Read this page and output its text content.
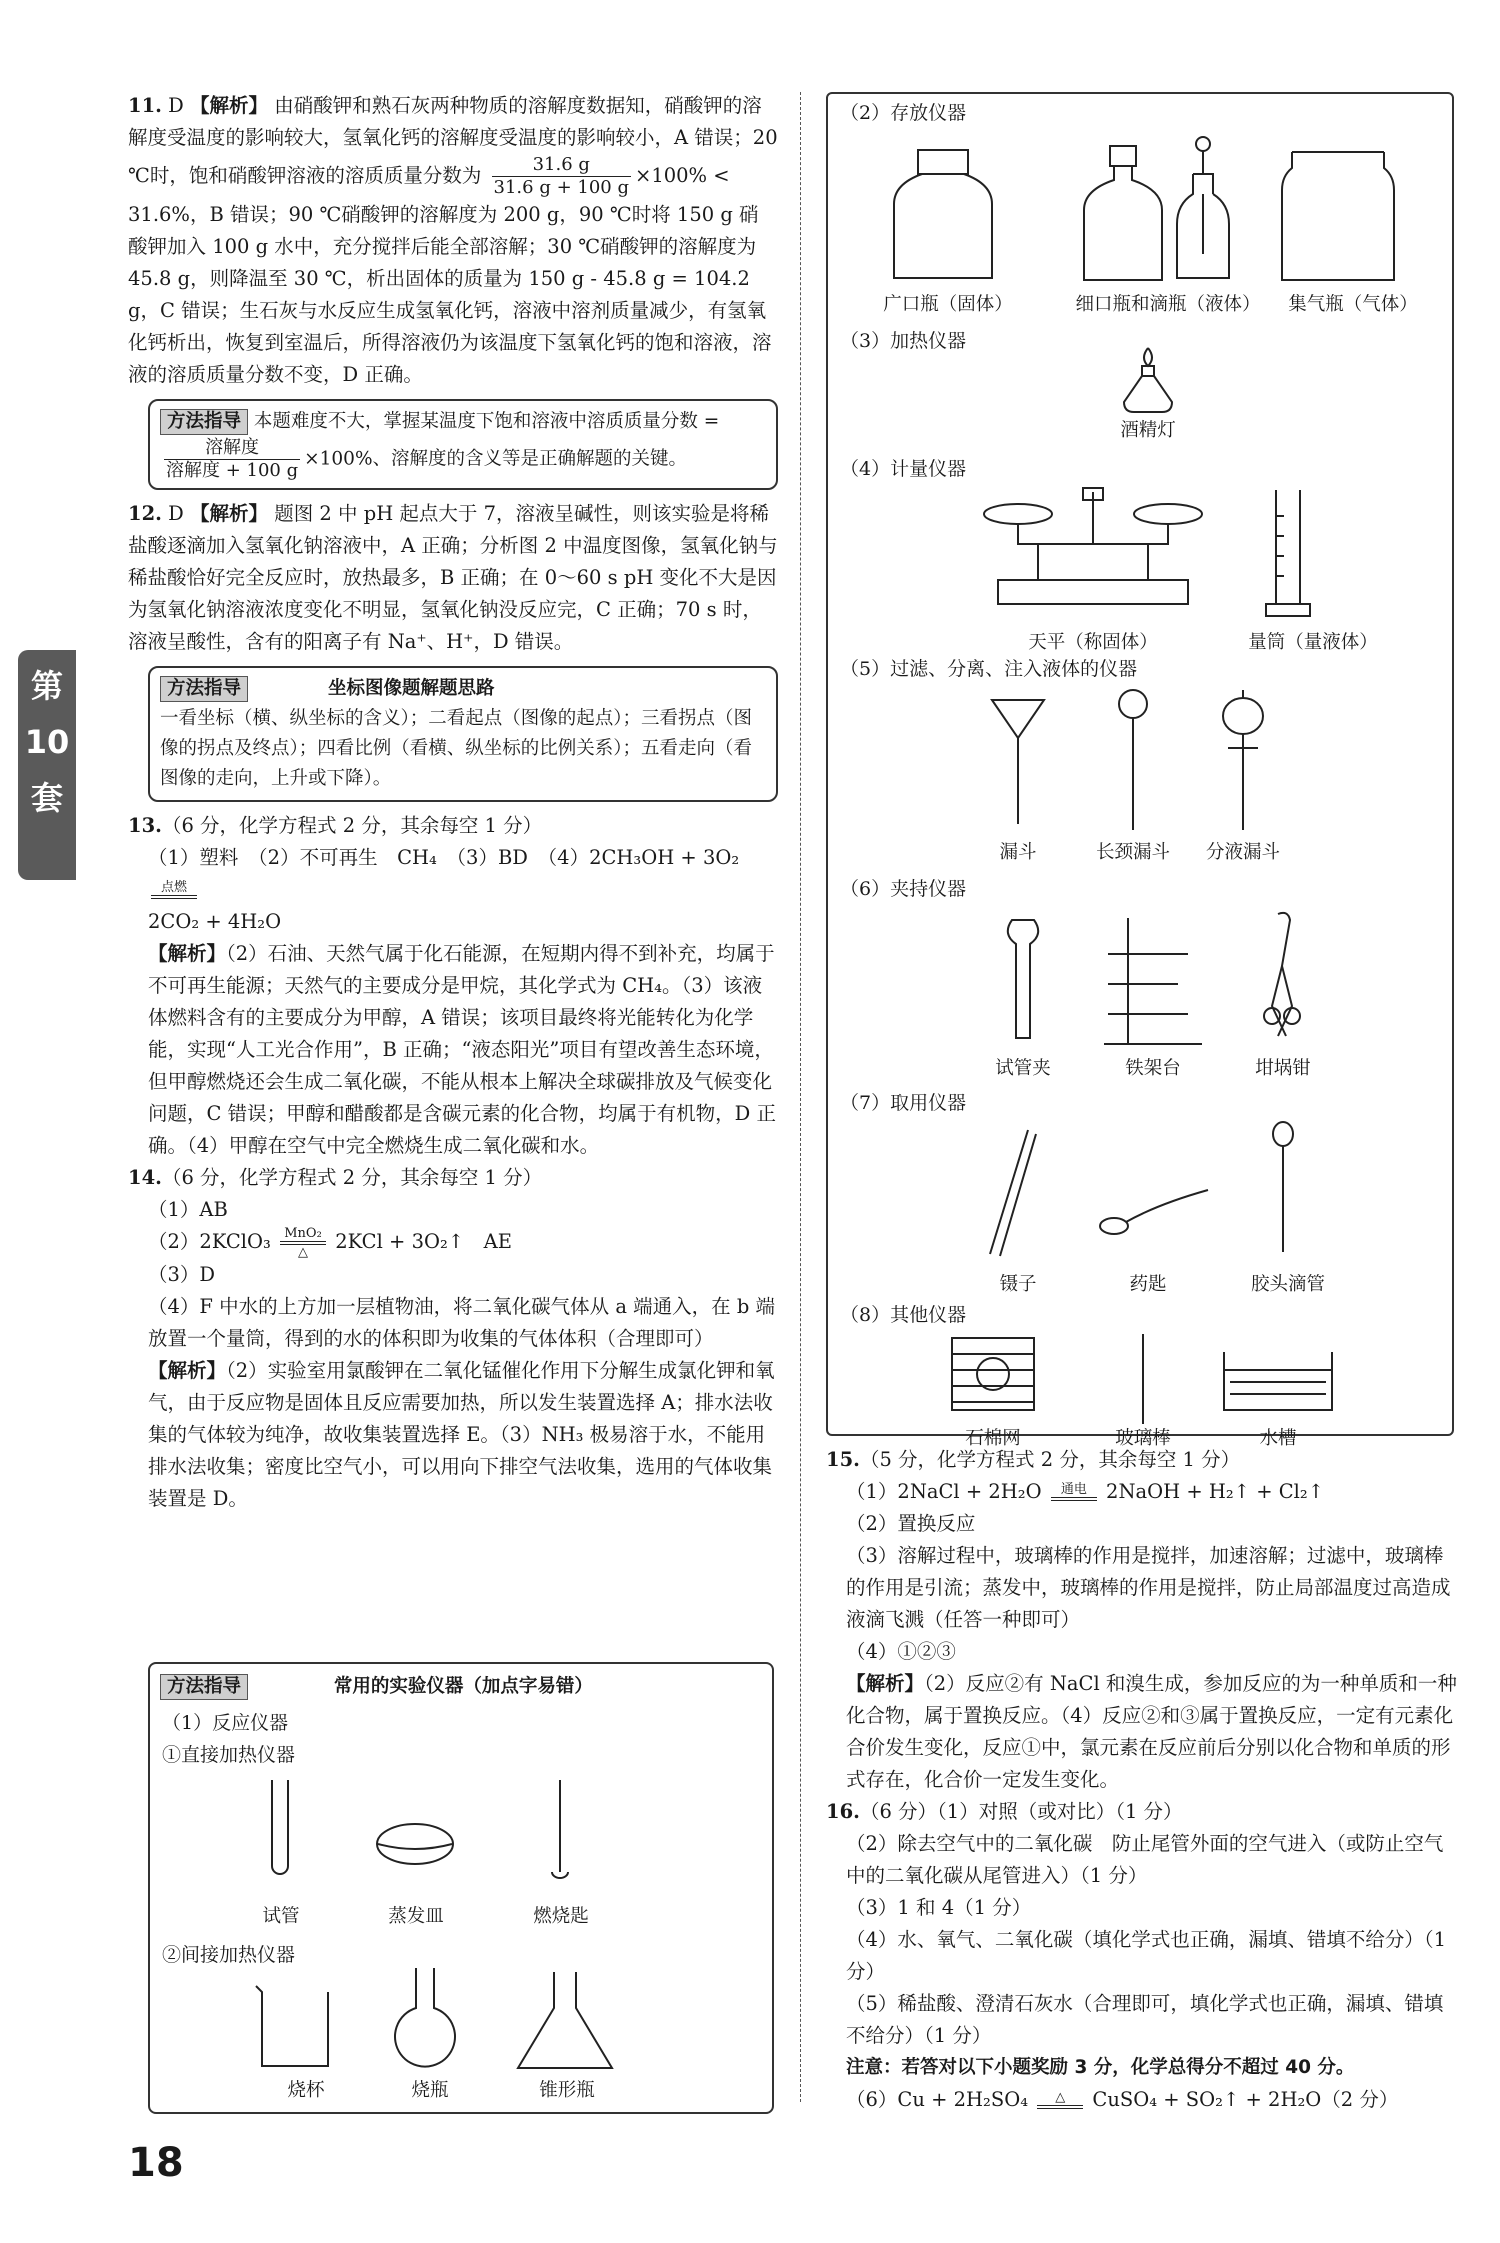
第
10
套

11. D 【解析】 由硝酸钾和熟石灰两种物质的溶解度数据知，硝酸钾的溶解度受温度的影响较大，氢氧化钙的溶解度受温度的影响较小，A 错误；20 ℃时，饱和硝酸钾溶液的溶质质量分数为 $\frac{31.6 g}{31.6 g + 100 g} \times 100\% < 31.6\%$，B 错误；90 ℃硝酸钾的溶解度为 200 g，90 ℃时将 150 g 硝酸钾加入 100 g 水中，充分搅拌后能全部溶解；30 ℃硝酸钾的溶解度为 45.8 g，则降温至 30 ℃，析出固体的质量为 150 g - 45.8 g = 104.2 g，C 错误；生石灰与水反应生成氢氧化钙，溶液中溶剂质量减少，有氢氧化钙析出，恢复到室温后，所得溶液仍为该温度下氢氧化钙的饱和溶液，溶液的溶质质量分数不变，D 正确。

方法指导 本题难度不大，掌握某温度下饱和溶液中溶质质量分数 =
$\frac{\text{溶解度}}{\text{溶解度 + 100 g}} \times 100\%$、溶解度的含义等是正确解题的关键。

12. D 【解析】 题图 2 中 pH 起点大于 7，溶液呈碱性，则该实验是将稀盐酸逐滴加入氢氧化钠溶液中，A 正确；分析图 2 中温度图像，氢氧化钠与稀盐酸恰好完全反应时，放热最多，B 正确；在 0～60 s pH 变化不大是因为氢氧化钠溶液浓度变化不明显，氢氧化钠没反应完，C 正确；70 s 时，溶液呈酸性，含有的阳离子有 Na⁺、H⁺，D 错误。

方法指导	坐标图像题解题思路
一看坐标（横、纵坐标的含义）；二看起点（图像的起点）；三看拐点（图像的拐点及终点）；四看比例（看横、纵坐标的比例关系）；五看走向（看图像的走向，上升或下降）。

13.（6 分，化学方程式 2 分，其余每空 1 分）

（1）塑料　（2）不可再生　CH₄　（3）BD　（4）2CH₃OH + 3O₂ 点燃

2CO₂ + 4H₂O

【解析】（2）石油、天然气属于化石能源，在短期内得不到补充，均属于不可再生能源；天然气的主要成分是甲烷，其化学式为 CH₄。（3）该液体燃料含有的主要成分为甲醇，A 错误；该项目最终将光能转化为化学能，实现“人工光合作用”，B 正确；“液态阳光”项目有望改善生态环境，但甲醇燃烧还会生成二氧化碳，不能从根本上解决全球碳排放及气候变化问题，C 错误；甲醇和醋酸都是含碳元素的化合物，均属于有机物，D 正确。（4）甲醇在空气中完全燃烧生成二氧化碳和水。

14.（6 分，化学方程式 2 分，其余每空 1 分）

（1）AB

（2）2KClO₃ MnO₂
△ 2KCl + 3O₂↑　AE

（3）D

（4）F 中水的上方加一层植物油，将二氧化碳气体从 a 端通入，在 b 端放置一个量筒，得到的水的体积即为收集的气体体积（合理即可）

【解析】（2）实验室用氯酸钾在二氧化锰催化作用下分解生成氯化钾和氧气，由于反应物是固体且反应需要加热，所以发生装置选择 A；排水法收集的气体较为纯净，故收集装置选择 E。（3）NH₃ 极易溶于水，不能用排水法收集；密度比空气小，可以用向下排空气法收集，选用的气体收集装置是 D。

方法指导	常用的实验仪器（加点字易错）
（1）反应仪器
①直接加热仪器
试管	蒸发皿	燃烧匙
②间接加热仪器
烧杯	烧瓶	锥形瓶
（2）存放仪器
广口瓶（固体）	细口瓶和滴瓶（液体）	集气瓶（气体）
（3）加热仪器
酒精灯
（4）计量仪器
天平（称固体）	量筒（量液体）
（5）过滤、分离、注入液体的仪器
漏斗	长颈漏斗	分液漏斗
（6）夹持仪器
试管夹	铁架台	坩埚钳
（7）取用仪器
镊子	药匙	胶头滴管
（8）其他仪器
石棉网	玻璃棒	水槽

15.（5 分，化学方程式 2 分，其余每空 1 分）

（1）2NaCl + 2H₂O 通电 2NaOH + H₂↑ + Cl₂↑

（2）置换反应

（3）溶解过程中，玻璃棒的作用是搅拌，加速溶解；过滤中，玻璃棒的作用是引流；蒸发中，玻璃棒的作用是搅拌，防止局部温度过高造成液滴飞溅（任答一种即可）

（4）①②③

【解析】（2）反应②有 NaCl 和溴生成，参加反应的为一种单质和一种化合物，属于置换反应。（4）反应②和③属于置换反应，一定有元素化合价发生变化，反应①中，氯元素在反应前后分别以化合物和单质的形式存在，化合价一定发生变化。

16.（6 分）（1）对照（或对比）（1 分）

（2）除去空气中的二氧化碳　防止尾管外面的空气进入（或防止空气中的二氧化碳从尾管进入）（1 分）

（3）1 和 4（1 分）

（4）水、氧气、二氧化碳（填化学式也正确，漏填、错填不给分）（1 分）

（5）稀盐酸、澄清石灰水（合理即可，填化学式也正确，漏填、错填不给分）（1 分）

注意：若答对以下小题奖励 3 分，化学总得分不超过 40 分。

（6）Cu + 2H₂SO₄ △ CuSO₄ + SO₂↑ + 2H₂O（2 分）

18
